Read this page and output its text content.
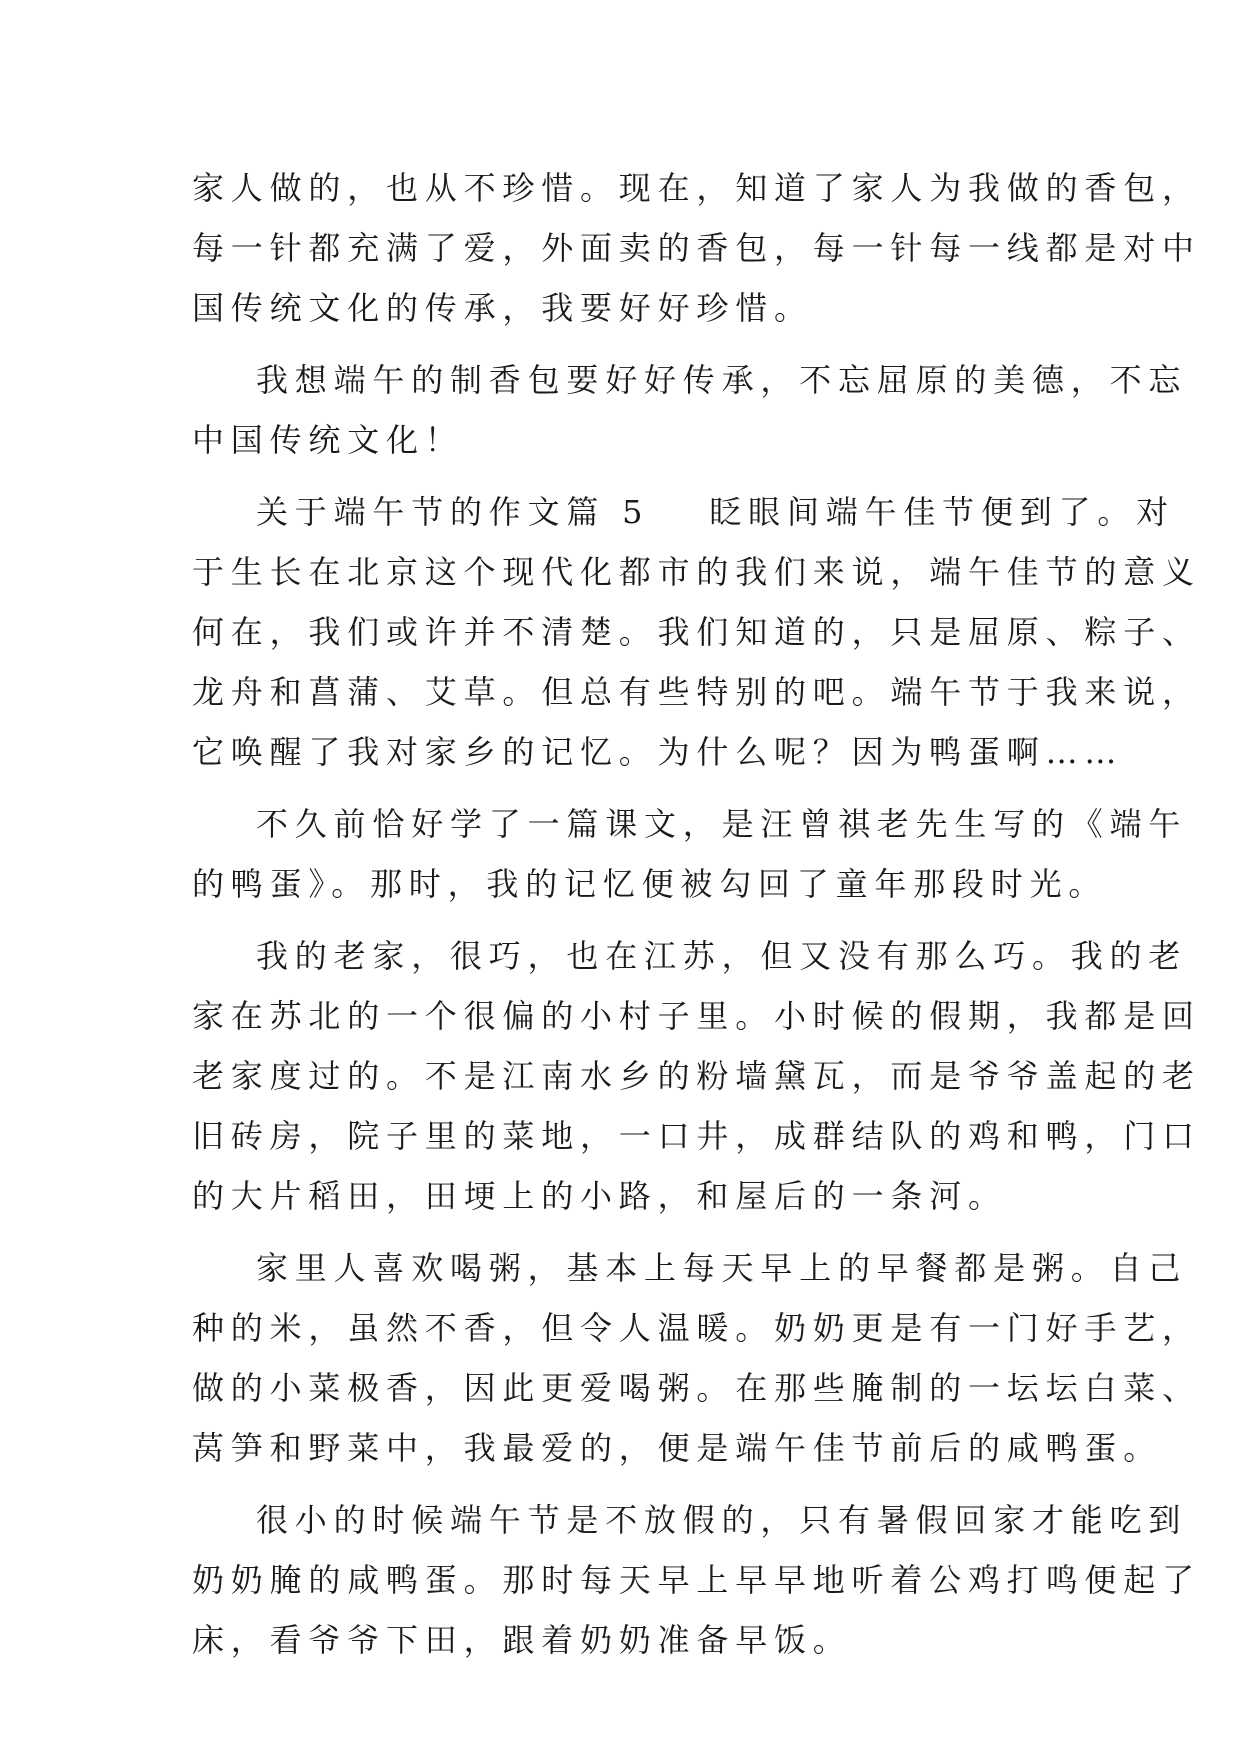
家人做的，也从不珍惜。现在，知道了家人为我做的香包，
每一针都充满了爱，外面卖的香包，每一针每一线都是对中
国传统文化的传承，我要好好珍惜。
我想端午的制香包要好好传承，不忘屈原的美德，不忘
中国传统文化！
关于端午节的作文篇 5 眨眼间端午佳节便到了。对
于生长在北京这个现代化都市的我们来说，端午佳节的意义
何在，我们或许并不清楚。我们知道的，只是屈原、粽子、
龙舟和菖蒲、艾草。但总有些特别的吧。端午节于我来说，
它唤醒了我对家乡的记忆。为什么呢？因为鸭蛋啊……
不久前恰好学了一篇课文，是汪曾祺老先生写的《端午
的鸭蛋》。那时，我的记忆便被勾回了童年那段时光。
我的老家，很巧，也在江苏，但又没有那么巧。我的老
家在苏北的一个很偏的小村子里。小时候的假期，我都是回
老家度过的。不是江南水乡的粉墙黛瓦，而是爷爷盖起的老
旧砖房，院子里的菜地，一口井，成群结队的鸡和鸭，门口
的大片稻田，田埂上的小路，和屋后的一条河。
家里人喜欢喝粥，基本上每天早上的早餐都是粥。自己
种的米，虽然不香，但令人温暖。奶奶更是有一门好手艺，
做的小菜极香，因此更爱喝粥。在那些腌制的一坛坛白菜、
莴笋和野菜中，我最爱的，便是端午佳节前后的咸鸭蛋。
很小的时候端午节是不放假的，只有暑假回家才能吃到
奶奶腌的咸鸭蛋。那时每天早上早早地听着公鸡打鸣便起了
床，看爷爷下田，跟着奶奶准备早饭。
